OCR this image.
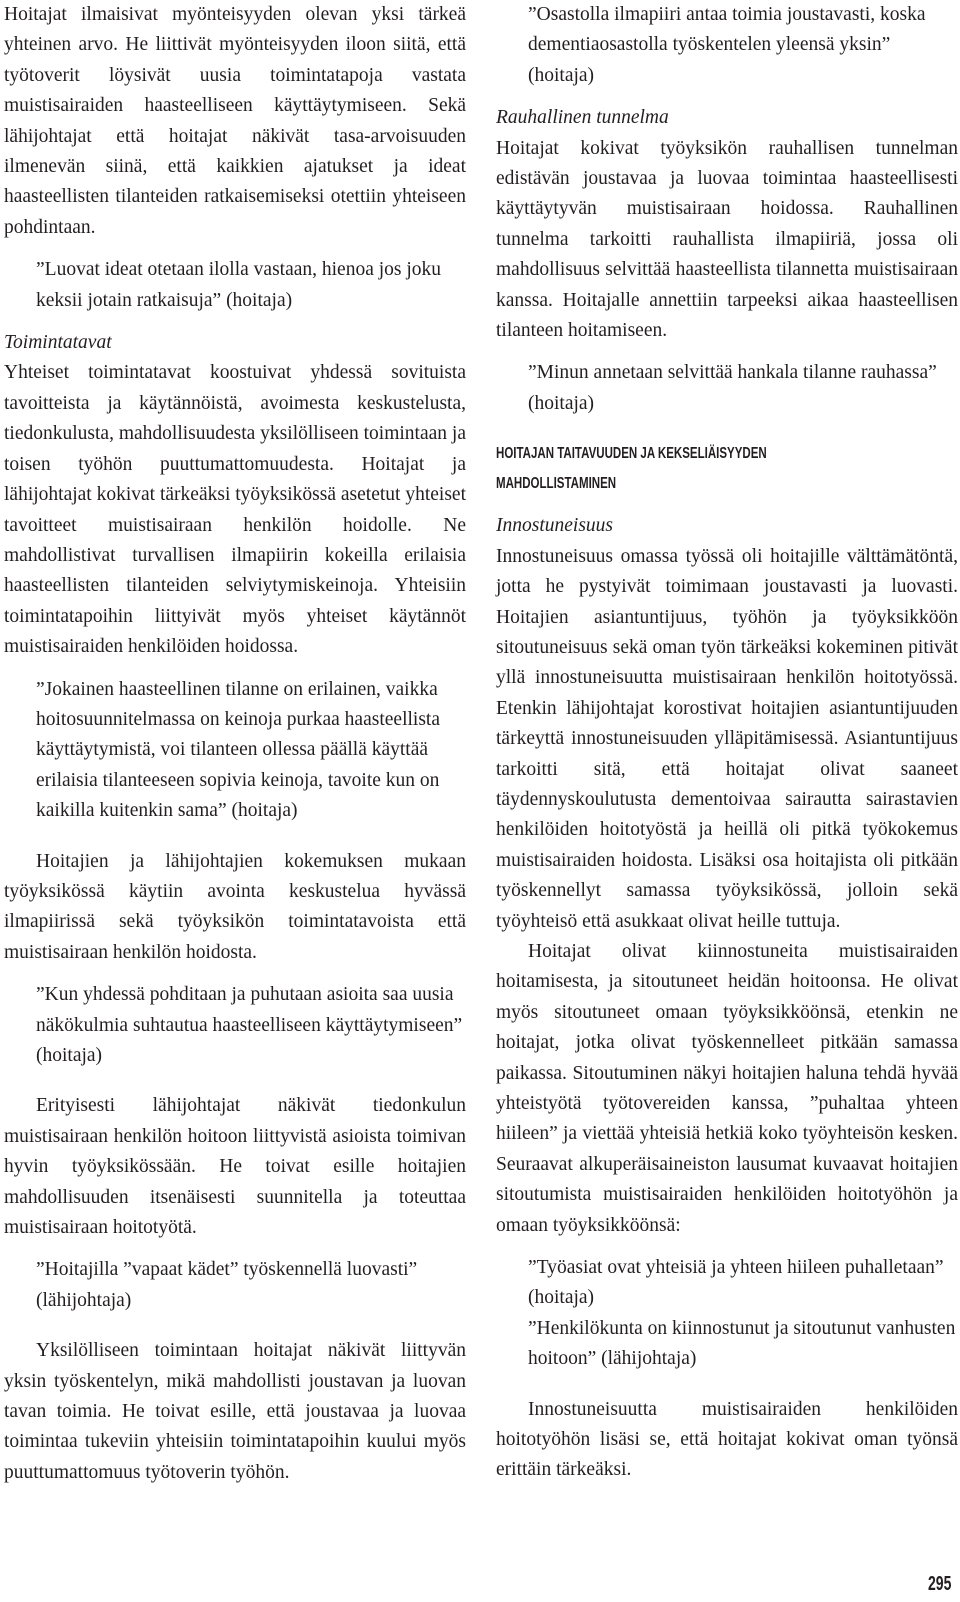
Hoitajat ilmaisivat myönteisyyden olevan yksi tärkeä yhteinen arvo. He liittivät myönteisyyden iloon siitä, että työtoverit löysivät uusia toimintatapoja vastata muistisairaiden haasteelliseen käyttäytymiseen. Sekä lähijohtajat että hoitajat näkivät tasa-arvoisuuden ilmenevän siinä, että kaikkien ajatukset ja ideat haasteellisten tilanteiden ratkaisemiseksi otettiin yhteiseen pohdintaan.

”Luovat ideat otetaan ilolla vastaan, hienoa jos joku keksii jotain ratkaisuja” (hoitaja)

Toimintatavat

Yhteiset toimintatavat koostuivat yhdessä sovituista tavoitteista ja käytännöistä, avoimesta keskustelusta, tiedonkulusta, mahdollisuudesta yksilölliseen toimintaan ja toisen työhön puuttumattomuudesta. Hoitajat ja lähijohtajat kokivat tärkeäksi työyksikössä asetetut yhteiset tavoitteet muistisairaan henkilön hoidolle. Ne mahdollistivat turvallisen ilmapiirin kokeilla erilaisia haasteellisten tilanteiden selviytymiskeinoja. Yhteisiin toimintatapoihin liittyivät myös yhteiset käytännöt muistisairaiden henkilöiden hoidossa.

”Jokainen haasteellinen tilanne on erilainen, vaikka hoitosuunnitelmassa on keinoja purkaa haasteellista käyttäytymistä, voi tilanteen ollessa päällä käyttää erilaisia tilanteeseen sopivia keinoja, tavoite kun on kaikilla kuitenkin sama” (hoitaja)

Hoitajien ja lähijohtajien kokemuksen mukaan työyksikössä käytiin avointa keskustelua hyvässä ilmapiirissä sekä työyksikön toimintatavoista että muistisairaan henkilön hoidosta.

”Kun yhdessä pohditaan ja puhutaan asioita saa uusia näkökulmia suhtautua haasteelliseen käyttäytymiseen” (hoitaja)

Erityisesti lähijohtajat näkivät tiedonkulun muistisairaan henkilön hoitoon liittyvistä asioista toimivan hyvin työyksikössään. He toivat esille hoitajien mahdollisuuden itsenäisesti suunnitella ja toteuttaa muistisairaan hoitotyötä.

”Hoitajilla ”vapaat kädet” työskennellä luovasti” (lähijohtaja)

Yksilölliseen toimintaan hoitajat näkivät liittyvän yksin työskentelyn, mikä mahdollisti joustavan ja luovan tavan toimia. He toivat esille, että joustavaa ja luovaa toimintaa tukeviin yhteisiin toimintatapoihin kuului myös puuttumattomuus työtoverin työhön.

”Osastolla ilmapiiri antaa toimia joustavasti, koska dementiaosastolla työskentelen yleensä yksin” (hoitaja)

Rauhallinen tunnelma

Hoitajat kokivat työyksikön rauhallisen tunnelman edistävän joustavaa ja luovaa toimintaa haasteellisesti käyttäytyvän muistisairaan hoidossa. Rauhallinen tunnelma tarkoitti rauhallista ilmapiiriä, jossa oli mahdollisuus selvittää haasteellista tilannetta muistisairaan kanssa. Hoitajalle annettiin tarpeeksi aikaa haasteellisen tilanteen hoitamiseen.

”Minun annetaan selvittää hankala tilanne rauhassa” (hoitaja)

HOITAJAN TAITAVUUDEN JA KEKSELIÄISYYDEN
MAHDOLLISTAMINEN

Innostuneisuus

Innostuneisuus omassa työssä oli hoitajille välttämätöntä, jotta he pystyivät toimimaan joustavasti ja luovasti. Hoitajien asiantuntijuus, työhön ja työyksikköön sitoutuneisuus sekä oman työn tärkeäksi kokeminen pitivät yllä innostuneisuutta muistisairaan henkilön hoitotyössä. Etenkin lähijohtajat korostivat hoitajien asiantuntijuuden tärkeyttä innostuneisuuden ylläpitämisessä. Asiantuntijuus tarkoitti sitä, että hoitajat olivat saaneet täydennyskoulutusta dementoivaa sairautta sairastavien henkilöiden hoitotyöstä ja heillä oli pitkä työkokemus muistisairaiden hoidosta. Lisäksi osa hoitajista oli pitkään työskennellyt samassa työyksikössä, jolloin sekä työyhteisö että asukkaat olivat heille tuttuja.

Hoitajat olivat kiinnostuneita muistisairaiden hoitamisesta, ja sitoutuneet heidän hoitoonsa. He olivat myös sitoutuneet omaan työyksikköönsä, etenkin ne hoitajat, jotka olivat työskennelleet pitkään samassa paikassa. Sitoutuminen näkyi hoitajien haluna tehdä hyvää yhteistyötä työtovereiden kanssa, ”puhaltaa yhteen hiileen” ja viettää yhteisiä hetkiä koko työyhteisön kesken. Seuraavat alkuperäisaineiston lausumat kuvaavat hoitajien sitoutumista muistisairaiden henkilöiden hoitotyöhön ja omaan työyksikköönsä:

”Työasiat ovat yhteisiä ja yhteen hiileen puhalletaan” (hoitaja)

”Henkilökunta on kiinnostunut ja sitoutunut vanhusten hoitoon” (lähijohtaja)

Innostuneisuutta muistisairaiden henkilöiden hoitotyöhön lisäsi se, että hoitajat kokivat oman työnsä erittäin tärkeäksi.

295
